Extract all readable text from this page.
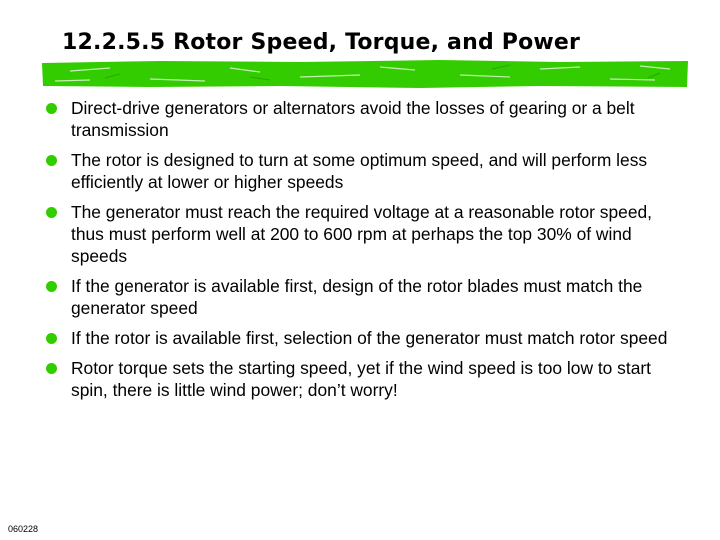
12.2.5.5 Rotor Speed, Torque, and Power
Direct-drive generators or alternators avoid the losses of gearing or a belt transmission
The rotor is designed to turn at some optimum speed, and will perform less efficiently at lower or higher speeds
The generator must reach the required voltage at a reasonable rotor speed, thus must perform well at 200 to 600 rpm at perhaps the top 30% of wind speeds
If the generator is available first, design of the rotor blades must match the generator speed
If the rotor is available first, selection of the generator must match rotor speed
Rotor torque sets the starting speed, yet if the wind speed is too low to start spin, there is little wind power; don’t worry!
060228
